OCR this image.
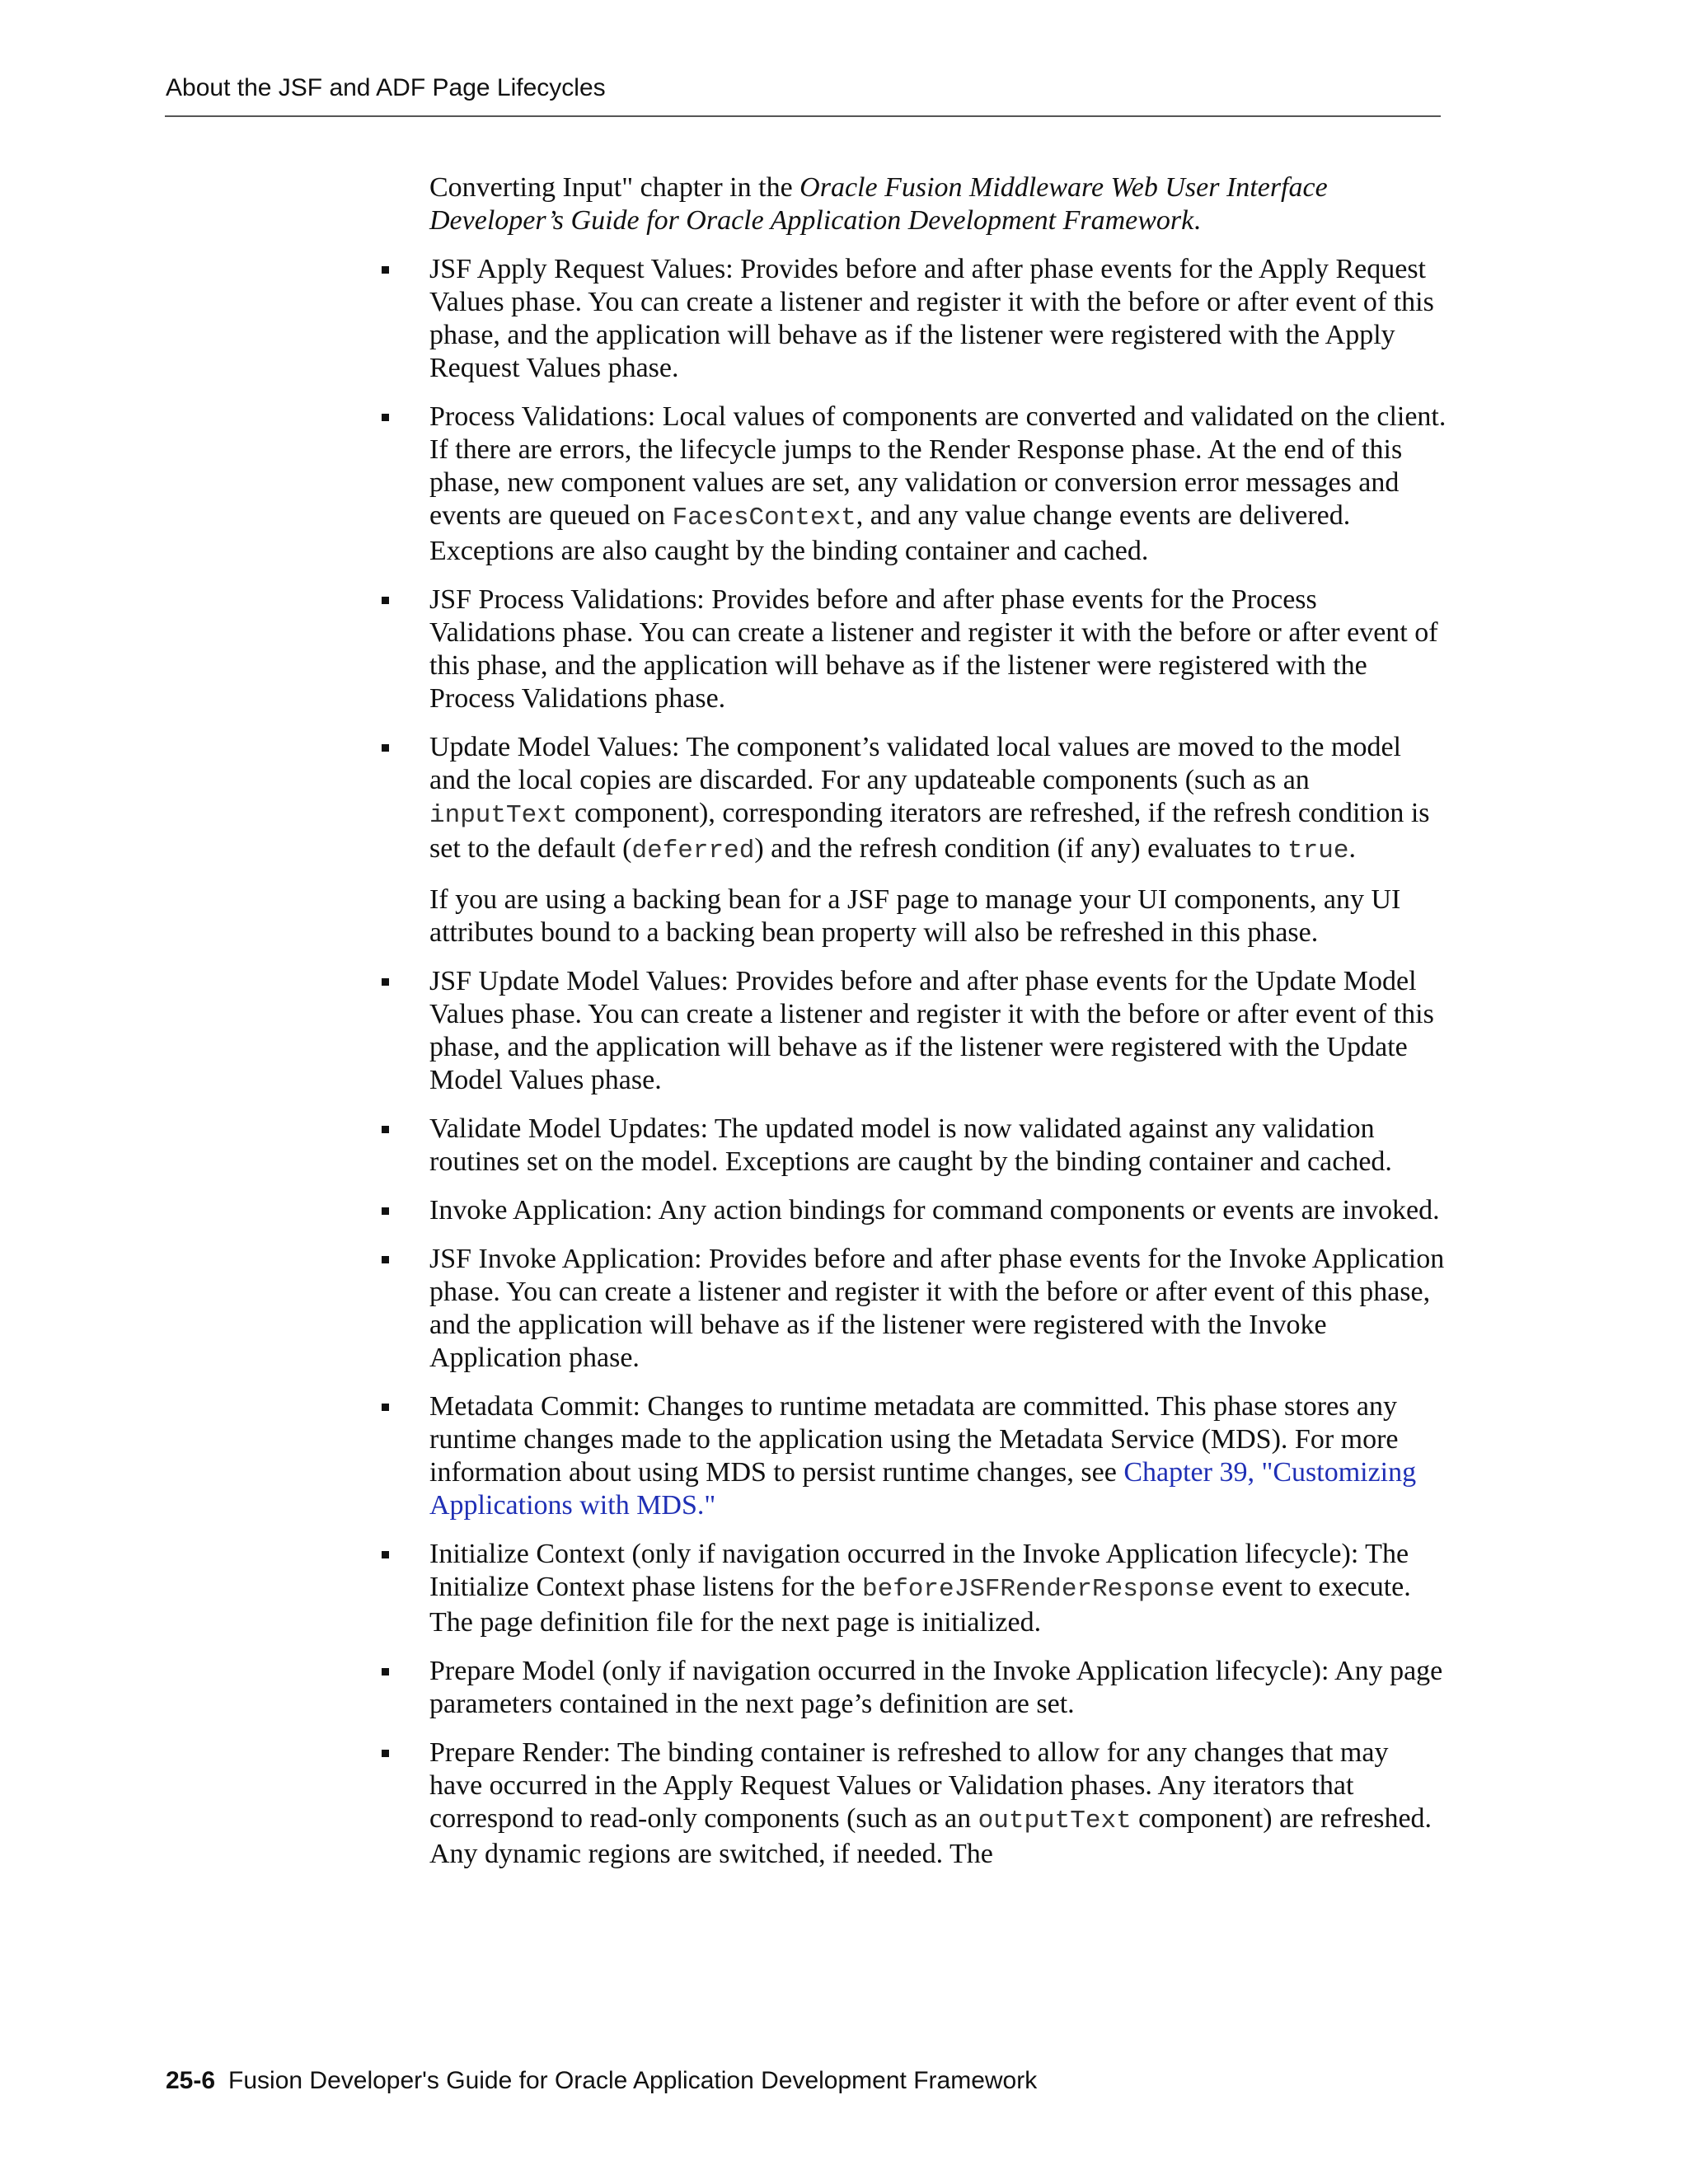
About the JSF and ADF Page Lifecycles

Converting Input" chapter in the Oracle Fusion Middleware Web User Interface Developer’s Guide for Oracle Application Development Framework.

JSF Apply Request Values: Provides before and after phase events for the Apply Request Values phase. You can create a listener and register it with the before or after event of this phase, and the application will behave as if the listener were registered with the Apply Request Values phase.
Process Validations: Local values of components are converted and validated on the client. If there are errors, the lifecycle jumps to the Render Response phase. At the end of this phase, new component values are set, any validation or conversion error messages and events are queued on FacesContext, and any value change events are delivered. Exceptions are also caught by the binding container and cached.
JSF Process Validations: Provides before and after phase events for the Process Validations phase. You can create a listener and register it with the before or after event of this phase, and the application will behave as if the listener were registered with the Process Validations phase.
Update Model Values: The component’s validated local values are moved to the model and the local copies are discarded. For any updateable components (such as an inputText component), corresponding iterators are refreshed, if the refresh condition is set to the default (deferred) and the refresh condition (if any) evaluates to true.

If you are using a backing bean for a JSF page to manage your UI components, any UI attributes bound to a backing bean property will also be refreshed in this phase.

JSF Update Model Values: Provides before and after phase events for the Update Model Values phase. You can create a listener and register it with the before or after event of this phase, and the application will behave as if the listener were registered with the Update Model Values phase.
Validate Model Updates: The updated model is now validated against any validation routines set on the model. Exceptions are caught by the binding container and cached.
Invoke Application: Any action bindings for command components or events are invoked.
JSF Invoke Application: Provides before and after phase events for the Invoke Application phase. You can create a listener and register it with the before or after event of this phase, and the application will behave as if the listener were registered with the Invoke Application phase.
Metadata Commit: Changes to runtime metadata are committed. This phase stores any runtime changes made to the application using the Metadata Service (MDS). For more information about using MDS to persist runtime changes, see Chapter 39, "Customizing Applications with MDS."
Initialize Context (only if navigation occurred in the Invoke Application lifecycle): The Initialize Context phase listens for the beforeJSFRenderResponse event to execute. The page definition file for the next page is initialized.
Prepare Model (only if navigation occurred in the Invoke Application lifecycle): Any page parameters contained in the next page’s definition are set.
Prepare Render: The binding container is refreshed to allow for any changes that may have occurred in the Apply Request Values or Validation phases. Any iterators that correspond to read-only components (such as an outputText component) are refreshed. Any dynamic regions are switched, if needed. The
25-6 Fusion Developer's Guide for Oracle Application Development Framework
